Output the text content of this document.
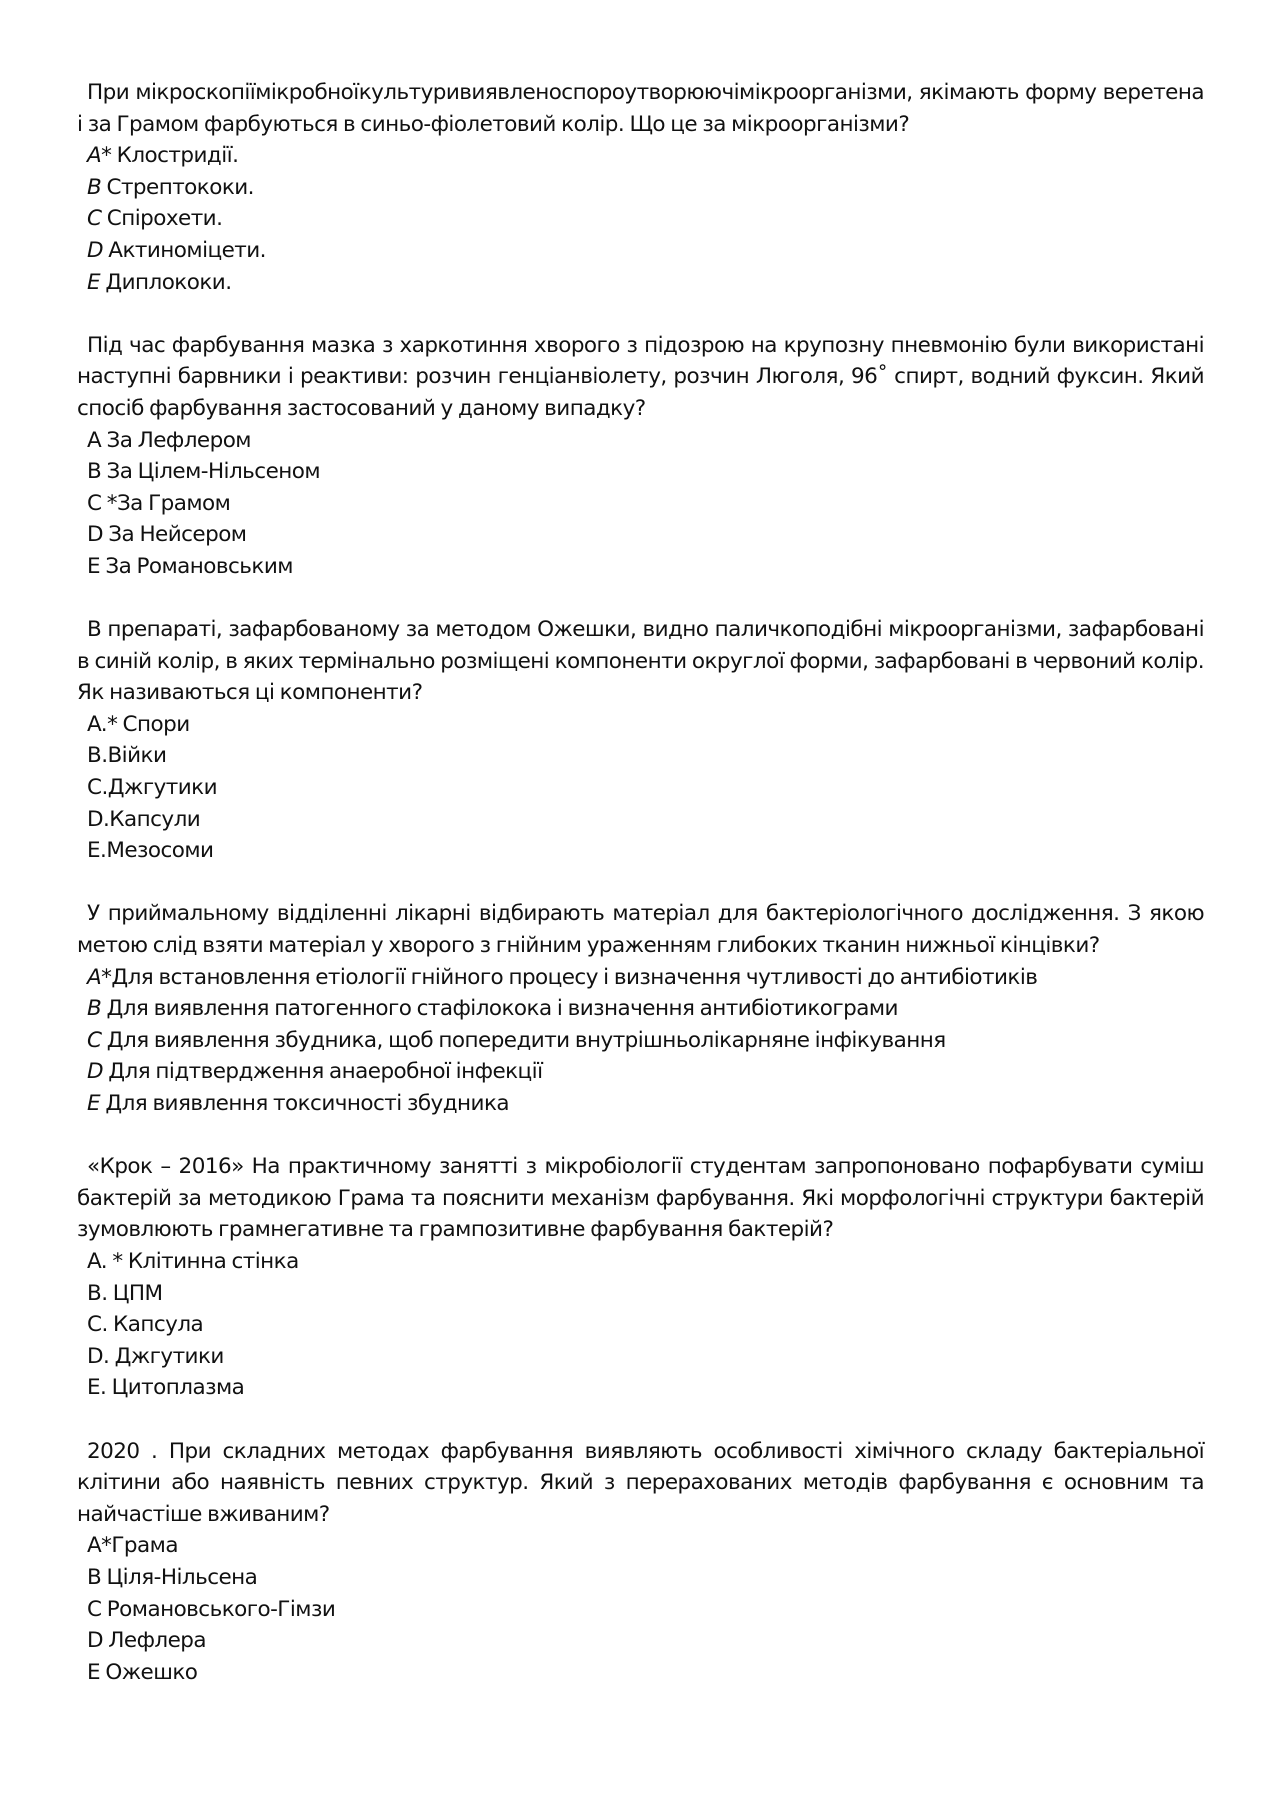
При мікроскопіїмікробноїкультуривиявленоспороутворюючімікроорганізми, якімають форму веретена і за Грамом фарбуються в синьо-фіолетовий колір. Що це за мікроорганізми?

A* Клостридії.
B Стрептококи.
C Спірохети.
D Актиноміцети.
E Диплококи.

Під час фарбування мазка з харкотиння хворого з підозрою на крупозну пневмонію були використані наступні барвники і реактиви: розчин генціанвіолету, розчин Люголя, 96˚ спирт, водний фуксин. Який спосіб фарбування застосований у даному випадку?

A За Лефлером
B За Цілем-Нільсеном
C *За Грамом
D За Нейсером
E За Романовським

В препараті, зафарбованому за методом Ожешки, видно паличкоподібні мікроорганізми, зафарбовані в синій колір, в яких термінально розміщені компоненти округлої форми, зафарбовані в червоний колір. Як називаються ці компоненти?

A.* Спори
B.Війки
C.Джгутики
D.Капсули
E.Мезосоми

У приймальному відділенні лікарні відбирають матеріал для бактеріологічного дослідження. З якою метою слід взяти матеріал у хворого з гнійним ураженням глибоких тканин нижньої кінцівки?

A*Для встановлення етіології гнійного процесу і визначення чутливості до антибіотиків
B Для виявлення патогенного стафілокока і визначення антибіотикограми
C Для виявлення збудника, щоб попередити внутрішньолікарняне інфікування
D Для підтвердження анаеробної інфекції
E Для виявлення токсичності збудника

«Крок – 2016» На практичному занятті з мікробіології студентам запропоновано пофарбувати суміш бактерій за методикою Грама та пояснити механізм фарбування. Які морфологічні структури бактерій зумовлюють грамнегативне та грампозитивне фарбування бактерій?

A. * Клітинна стінка
B. ЦПМ
C. Капсула
D. Джгутики
E. Цитоплазма

2020 . При складних методах фарбування виявляють особливості хімічного складу бактеріальної клітини або наявність певних структур. Який з перерахованих методів фарбування є основним та найчастіше вживаним?

A*Грама
B Ціля-Нільсена
C Романовського-Гімзи
D Лефлера
E Ожешко
